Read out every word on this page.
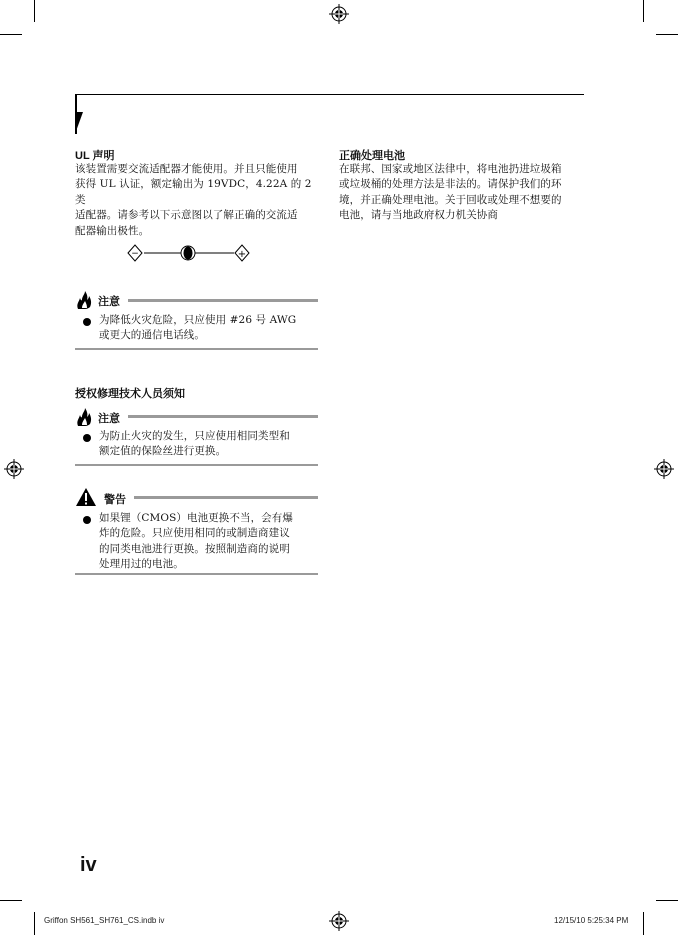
UL 声明
该装置需要交流适配器才能使用。并且只能使用
获得 UL 认证，额定输出为 19VDC，4.22A 的 2 类
适配器。请参考以下示意图以了解正确的交流适
配器输出极性。
−	+
注意
为降低火灾危险，只应使用 #26 号 AWG
或更大的通信电话线。
授权修理技术人员须知
注意
为防止火灾的发生，只应使用相同类型和
额定值的保险丝进行更换。
警告
如果锂（CMOS）电池更换不当，会有爆
炸的危险。只应使用相同的或制造商建议
的同类电池进行更换。按照制造商的说明
处理用过的电池。
正确处理电池
在联邦、国家或地区法律中，将电池扔进垃圾箱
或垃圾桶的处理方法是非法的。请保护我们的环
境，并正确处理电池。关于回收或处理不想要的
电池，请与当地政府权力机关协商
iv
Griffon SH561_SH761_CS.indb iv	12/15/10 5:25:34 PM
